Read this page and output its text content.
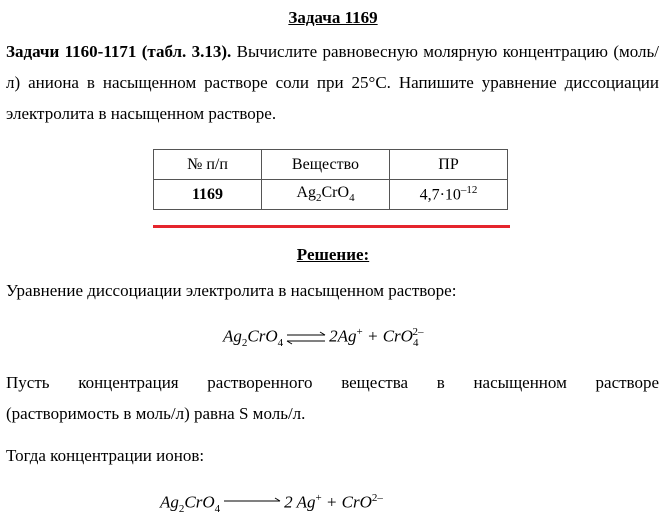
Задача 1169
Задачи 1160-1171 (табл. 3.13). Вычислите равновесную молярную концентрацию (моль/л) аниона в насыщенном растворе соли при 25°С. Напишите уравнение диссоциации электролита в насыщенном растворе.
№ п/п	Вещество	ПР
1169	$Ag_2CrO_4$	$4,7\cdot 10^{-12}$
Решение:
Уравнение диссоциации электролита в насыщенном растворе:
$Ag_2CrO_4$ ⇌ 2Ag+ + CrO$_4^{2-}$
Пусть концентрация растворенного вещества в насыщенном растворе
(растворимость в моль/л) равна S моль/л.
Тогда концентрации ионов:
$Ag_2CrO_4 \to 2$ Ag+ + CrO$^{2-}$
